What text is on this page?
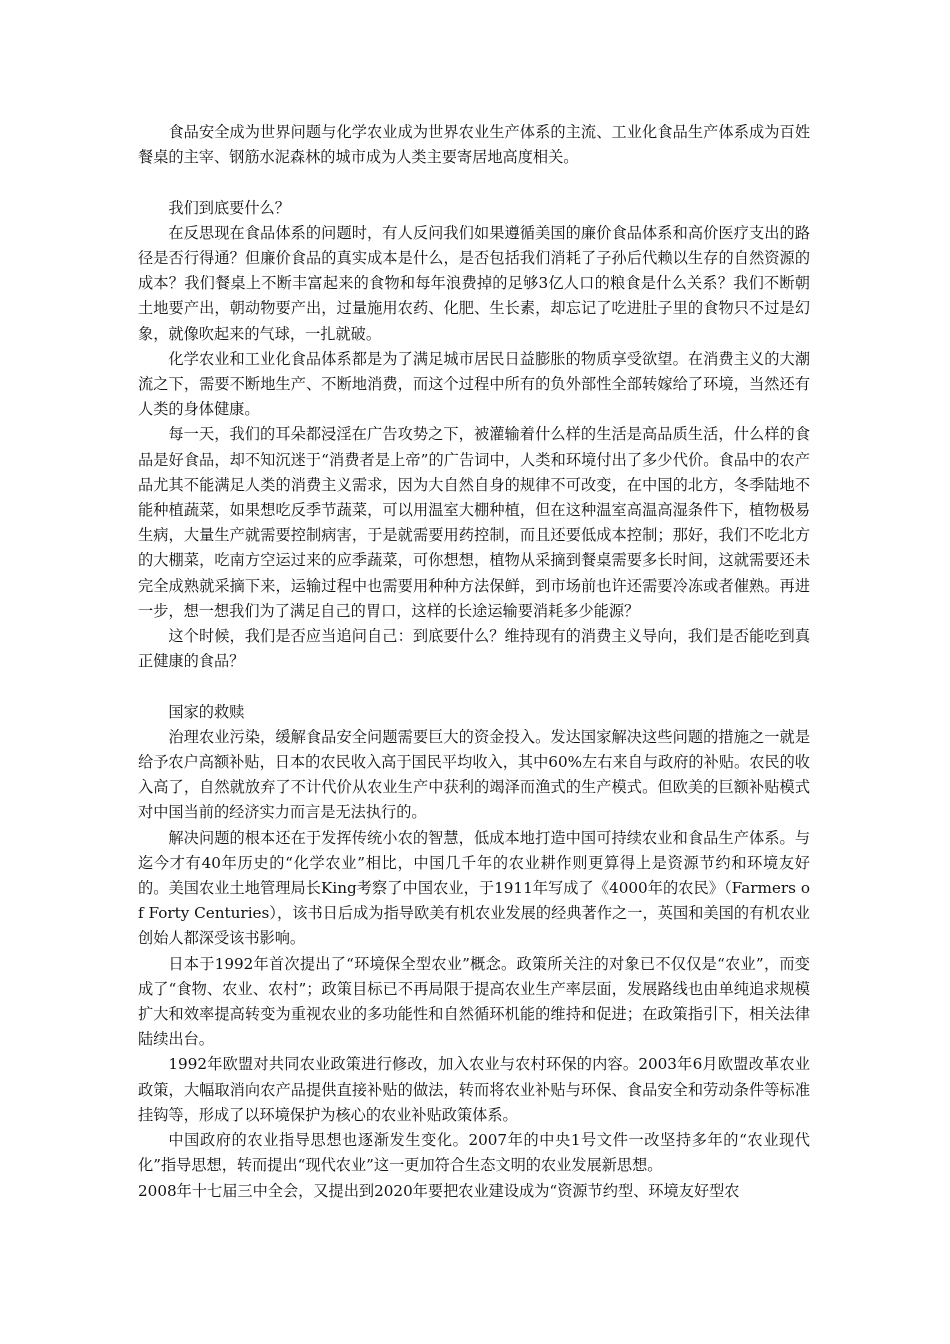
食品安全成为世界问题与化学农业成为世界农业生产体系的主流、工业化食品生产体系成为百姓餐桌的主宰、钢筋水泥森林的城市成为人类主要寄居地高度相关。

我们到底要什么？

在反思现在食品体系的问题时，有人反问我们如果遵循美国的廉价食品体系和高价医疗支出的路径是否行得通？但廉价食品的真实成本是什么，是否包括我们消耗了子孙后代赖以生存的自然资源的成本？我们餐桌上不断丰富起来的食物和每年浪费掉的足够3亿人口的粮食是什么关系？我们不断朝土地要产出，朝动物要产出，过量施用农药、化肥、生长素，却忘记了吃进肚子里的食物只不过是幻象，就像吹起来的气球，一扎就破。

化学农业和工业化食品体系都是为了满足城市居民日益膨胀的物质享受欲望。在消费主义的大潮流之下，需要不断地生产、不断地消费，而这个过程中所有的负外部性全部转嫁给了环境，当然还有人类的身体健康。

每一天，我们的耳朵都浸淫在广告攻势之下，被灌输着什么样的生活是高品质生活，什么样的食品是好食品，却不知沉迷于“消费者是上帝”的广告词中，人类和环境付出了多少代价。食品中的农产品尤其不能满足人类的消费主义需求，因为大自然自身的规律不可改变，在中国的北方，冬季陆地不能种植蔬菜，如果想吃反季节蔬菜，可以用温室大棚种植，但在这种温室高温高湿条件下，植物极易生病，大量生产就需要控制病害，于是就需要用药控制，而且还要低成本控制；那好，我们不吃北方的大棚菜，吃南方空运过来的应季蔬菜，可你想想，植物从采摘到餐桌需要多长时间，这就需要还未完全成熟就采摘下来，运输过程中也需要用种种方法保鲜，到市场前也许还需要冷冻或者催熟。再进一步，想一想我们为了满足自己的胃口，这样的长途运输要消耗多少能源？

这个时候，我们是否应当追问自己：到底要什么？维持现有的消费主义导向，我们是否能吃到真正健康的食品？

国家的救赎

治理农业污染，缓解食品安全问题需要巨大的资金投入。发达国家解决这些问题的措施之一就是给予农户高额补贴，日本的农民收入高于国民平均收入，其中60%左右来自与政府的补贴。农民的收入高了，自然就放弃了不计代价从农业生产中获利的竭泽而渔式的生产模式。但欧美的巨额补贴模式对中国当前的经济实力而言是无法执行的。

解决问题的根本还在于发挥传统小农的智慧，低成本地打造中国可持续农业和食品生产体系。与迄今才有40年历史的“化学农业”相比，中国几千年的农业耕作则更算得上是资源节约和环境友好的。美国农业土地管理局长King考察了中国农业，于1911年写成了《4000年的农民》（Farmers of Forty Centuries），该书日后成为指导欧美有机农业发展的经典著作之一，英国和美国的有机农业创始人都深受该书影响。

日本于1992年首次提出了“环境保全型农业”概念。政策所关注的对象已不仅仅是“农业”，而变成了“食物、农业、农村”；政策目标已不再局限于提高农业生产率层面，发展路线也由单纯追求规模扩大和效率提高转变为重视农业的多功能性和自然循环机能的维持和促进；在政策指引下，相关法律陆续出台。

1992年欧盟对共同农业政策进行修改，加入农业与农村环保的内容。2003年6月欧盟改革农业政策，大幅取消向农产品提供直接补贴的做法，转而将农业补贴与环保、食品安全和劳动条件等标准挂钩等，形成了以环境保护为核心的农业补贴政策体系。

中国政府的农业指导思想也逐渐发生变化。2007年的中央1号文件一改坚持多年的“农业现代化”指导思想，转而提出“现代农业”这一更加符合生态文明的农业发展新思想。

2008年十七届三中全会，又提出到2020年要把农业建设成为“资源节约型、环境友好型农
